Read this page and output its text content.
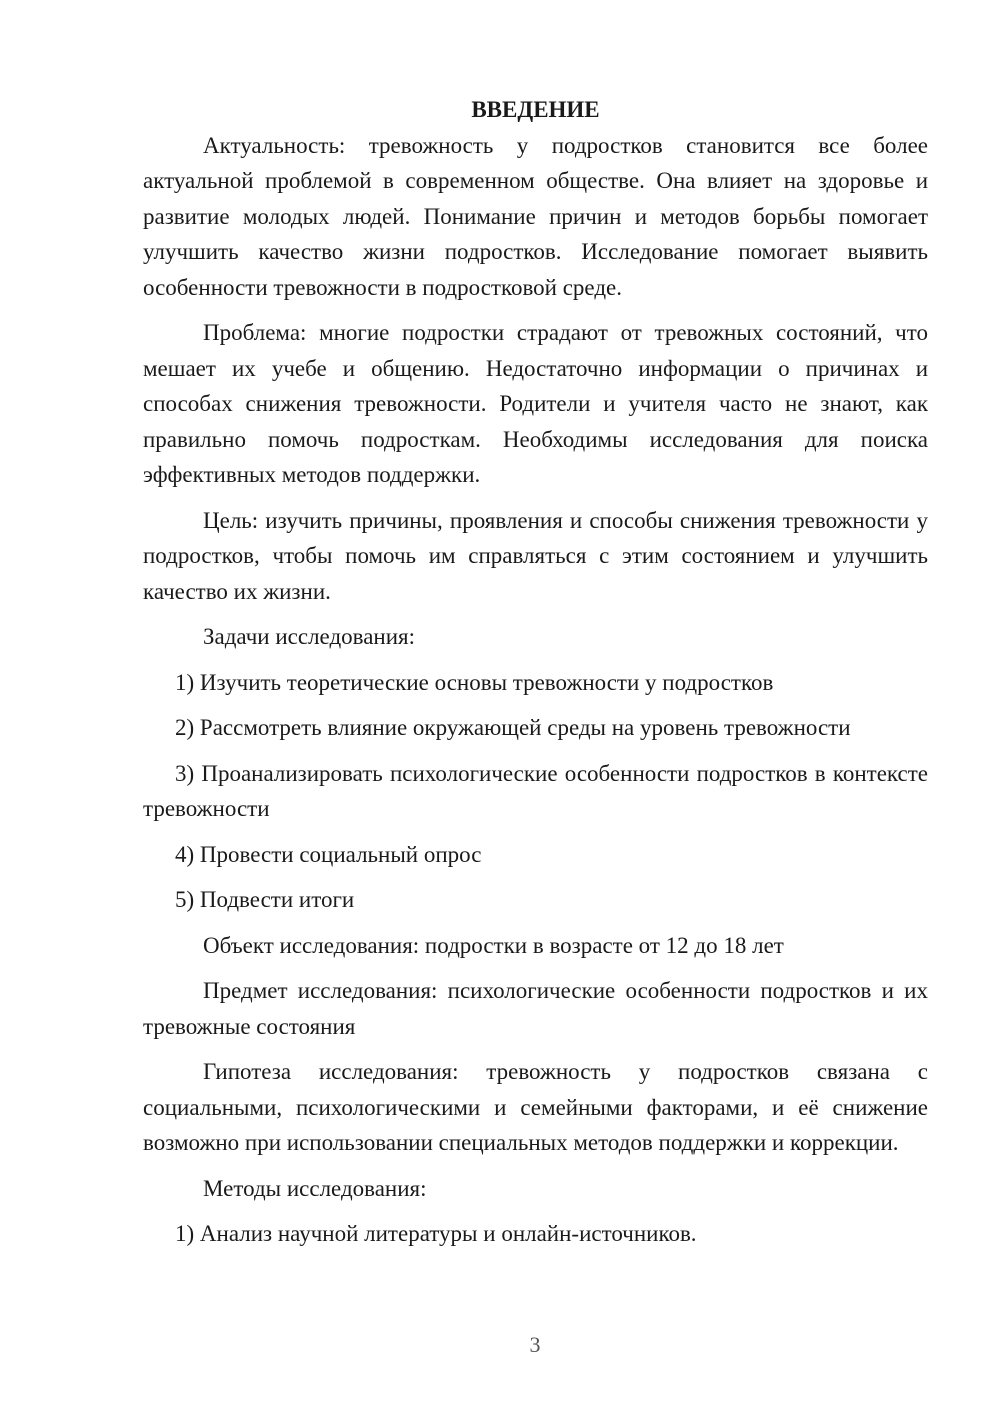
ВВЕДЕНИЕ

Актуальность: тревожность у подростков становится все более актуальной проблемой в современном обществе. Она влияет на здоровье и развитие молодых людей. Понимание причин и методов борьбы помогает улучшить качество жизни подростков. Исследование помогает выявить особенности тревожности в подростковой среде.

Проблема: многие подростки страдают от тревожных состояний, что мешает их учебе и общению. Недостаточно информации о причинах и способах снижения тревожности. Родители и учителя часто не знают, как правильно помочь подросткам. Необходимы исследования для поиска эффективных методов поддержки.

Цель: изучить причины, проявления и способы снижения тревожности у подростков, чтобы помочь им справляться с этим состоянием и улучшить качество их жизни.

Задачи исследования:

1) Изучить теоретические основы тревожности у подростков

2) Рассмотреть влияние окружающей среды на уровень тревожности

3) Проанализировать психологические особенности подростков в контексте тревожности

4) Провести социальный опрос

5) Подвести итоги

Объект исследования: подростки в возрасте от 12 до 18 лет

Предмет исследования: психологические особенности подростков и их тревожные состояния

Гипотеза исследования: тревожность у подростков связана с социальными, психологическими и семейными факторами, и её снижение возможно при использовании специальных методов поддержки и коррекции.

Методы исследования:

1) Анализ научной литературы и онлайн-источников.

3
